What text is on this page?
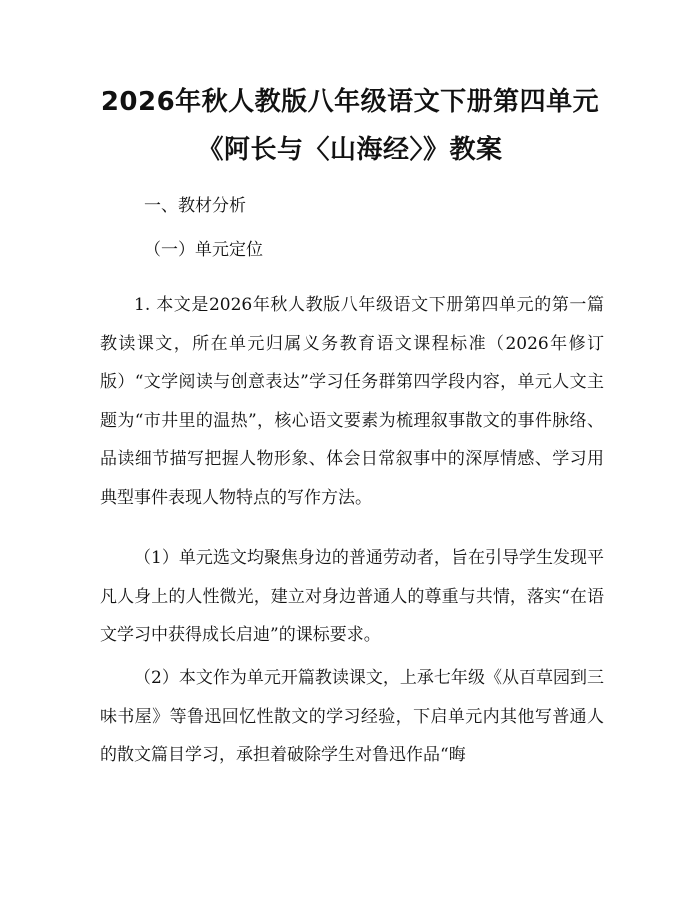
2026年秋人教版八年级语文下册第四单元
《阿长与〈山海经〉》教案
一、教材分析
（一）单元定位

1. 本文是2026年秋人教版八年级语文下册第四单元的第一篇教读课文，所在单元归属义务教育语文课程标准（2026年修订版）“文学阅读与创意表达”学习任务群第四学段内容，单元人文主题为“市井里的温热”，核心语文要素为梳理叙事散文的事件脉络、品读细节描写把握人物形象、体会日常叙事中的深厚情感、学习用典型事件表现人物特点的写作方法。

（1）单元选文均聚焦身边的普通劳动者，旨在引导学生发现平凡人身上的人性微光，建立对身边普通人的尊重与共情，落实“在语文学习中获得成长启迪”的课标要求。

（2）本文作为单元开篇教读课文，上承七年级《从百草园到三味书屋》等鲁迅回忆性散文的学习经验，下启单元内其他写普通人的散文篇目学习，承担着破除学生对鲁迅作品“晦
